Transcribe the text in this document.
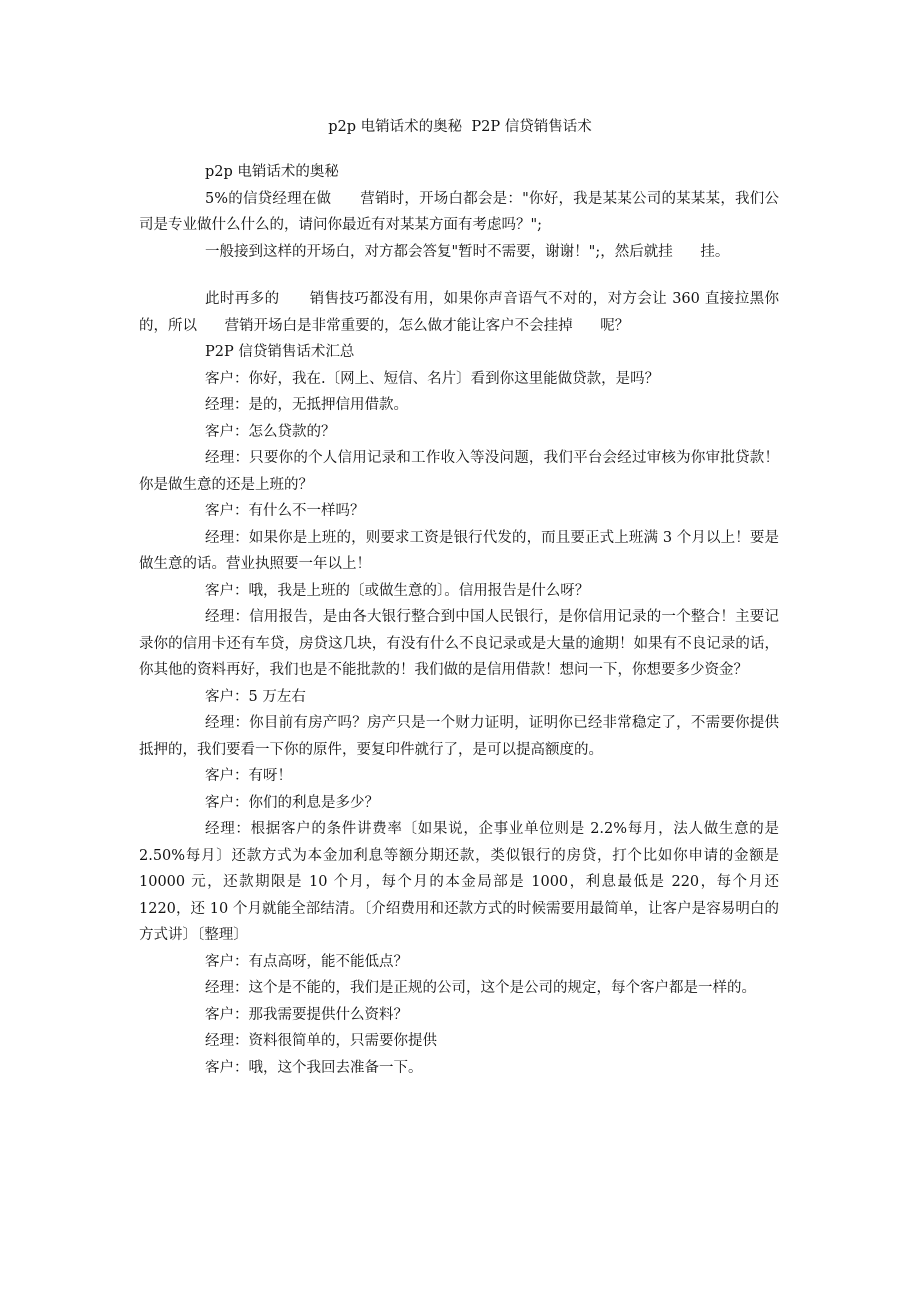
p2p 电销话术的奥秘  P2P 信贷销售话术

p2p 电销话术的奥秘

5%的信贷经理在做      营销时，开场白都会是："你好，我是某某公司的某某某，我们公司是专业做什么什么的，请问你最近有对某某方面有考虑吗？";

一般接到这样的开场白，对方都会答复"暂时不需要，谢谢！";，然后就挂      挂。

此时再多的      销售技巧都没有用，如果你声音语气不对的，对方会让 360 直接拉黑你的，所以      营销开场白是非常重要的，怎么做才能让客户不会挂掉      呢？

P2P 信贷销售话术汇总

客户：你好，我在.〔网上、短信、名片〕看到你这里能做贷款，是吗？

经理：是的，无抵押信用借款。

客户：怎么贷款的？

经理：只要你的个人信用记录和工作收入等没问题，我们平台会经过审核为你审批贷款！你是做生意的还是上班的？

客户：有什么不一样吗？

经理：如果你是上班的，则要求工资是银行代发的，而且要正式上班满 3 个月以上！要是做生意的话。营业执照要一年以上！

客户：哦，我是上班的〔或做生意的〕。信用报告是什么呀？

经理：信用报告，是由各大银行整合到中国人民银行，是你信用记录的一个整合！主要记录你的信用卡还有车贷，房贷这几块，有没有什么不良记录或是大量的逾期！如果有不良记录的话，你其他的资料再好，我们也是不能批款的！我们做的是信用借款！想问一下，你想要多少资金？

客户：5 万左右

经理：你目前有房产吗？房产只是一个财力证明，证明你已经非常稳定了，不需要你提供抵押的，我们要看一下你的原件，要复印件就行了，是可以提高额度的。

客户：有呀！

客户：你们的利息是多少？

经理：根据客户的条件讲费率〔如果说，企事业单位则是 2.2%每月，法人做生意的是 2.50%每月〕还款方式为本金加利息等额分期还款，类似银行的房贷，打个比如你申请的金额是 10000 元，还款期限是 10 个月，每个月的本金局部是 1000，利息最低是 220，每个月还 1220，还 10 个月就能全部结清。〔介绍费用和还款方式的时候需要用最简单，让客户是容易明白的方式讲〕〔整理〕

客户：有点高呀，能不能低点？

经理：这个是不能的，我们是正规的公司，这个是公司的规定，每个客户都是一样的。

客户：那我需要提供什么资料？

经理：资料很简单的，只需要你提供

客户：哦，这个我回去准备一下。
